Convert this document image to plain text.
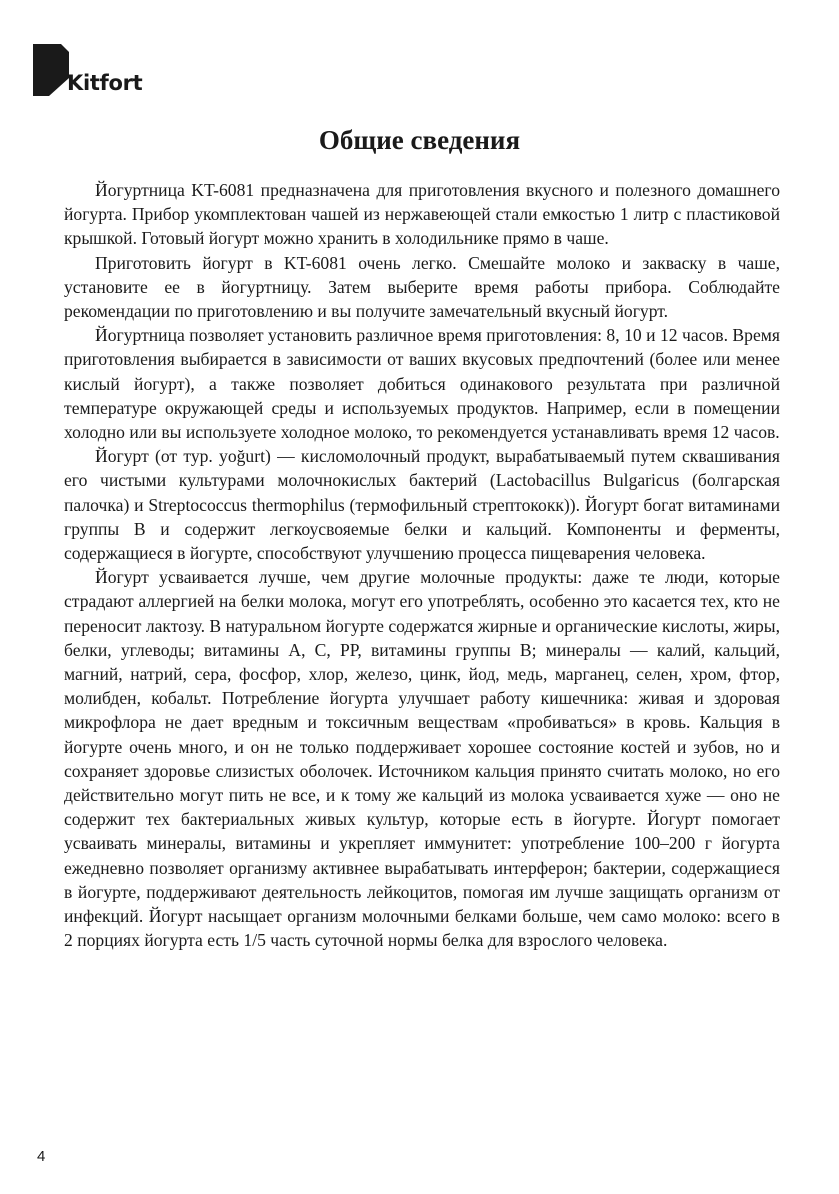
Kitfort
Общие сведения

Йогуртница KT-6081 предназначена для приготовления вкусного и полезного домашнего йогурта. Прибор укомплектован чашей из нержавеющей стали емкостью 1 литр с пластиковой крышкой. Готовый йогурт можно хранить в холодильнике прямо в чаше.

Приготовить йогурт в KT-6081 очень легко. Смешайте молоко и закваску в чаше, установите ее в йогуртницу. Затем выберите время работы прибора. Соблюдайте рекомендации по приготовлению и вы получите замечательный вкусный йогурт.

Йогуртница позволяет установить различное время приготовления: 8, 10 и 12 часов. Время приготовления выбирается в зависимости от ваших вкусовых предпочтений (более или менее кислый йогурт), а также позволяет добиться одинакового результата при различной температуре окружающей среды и используемых продуктов. Например, если в помещении холодно или вы используете холодное молоко, то рекомендуется устанавливать время 12 часов.

Йогурт (от тур. yoğurt) — кисломолочный продукт, вырабатываемый путем сквашивания его чистыми культурами молочнокислых бактерий (Lactobacillus Bulgaricus (болгарская палочка) и Streptococcus thermophilus (термофильный стрептококк)). Йогурт богат витаминами группы В и содержит легкоусвояемые белки и кальций. Компоненты и ферменты, содержащиеся в йогурте, способствуют улучшению процесса пищеварения человека.

Йогурт усваивается лучше, чем другие молочные продукты: даже те люди, которые страдают аллергией на белки молока, могут его употреблять, особенно это касается тех, кто не переносит лактозу. В натуральном йогурте содержатся жирные и органические кислоты, жиры, белки, углеводы; витамины А, С, РР, витамины группы В; минералы — калий, кальций, магний, натрий, сера, фосфор, хлор, железо, цинк, йод, медь, марганец, селен, хром, фтор, молибден, кобальт. Потребление йогурта улучшает работу кишечника: живая и здоровая микрофлора не дает вредным и токсичным веществам «пробиваться» в кровь. Кальция в йогурте очень много, и он не только поддерживает хорошее состояние костей и зубов, но и сохраняет здоровье слизистых оболочек. Источником кальция принято считать молоко, но его действительно могут пить не все, и к тому же кальций из молока усваивается хуже — оно не содержит тех бактериальных живых культур, которые есть в йогурте. Йогурт помогает усваивать минералы, витамины и укрепляет иммунитет: употребление 100–200 г йогурта ежедневно позволяет организму активнее вырабатывать интерферон; бактерии, содержащиеся в йогурте, поддерживают деятельность лейкоцитов, помогая им лучше защищать организм от инфекций. Йогурт насыщает организм молочными белками больше, чем само молоко: всего в 2 порциях йогурта есть 1/5 часть суточной нормы белка для взрослого человека.

4
